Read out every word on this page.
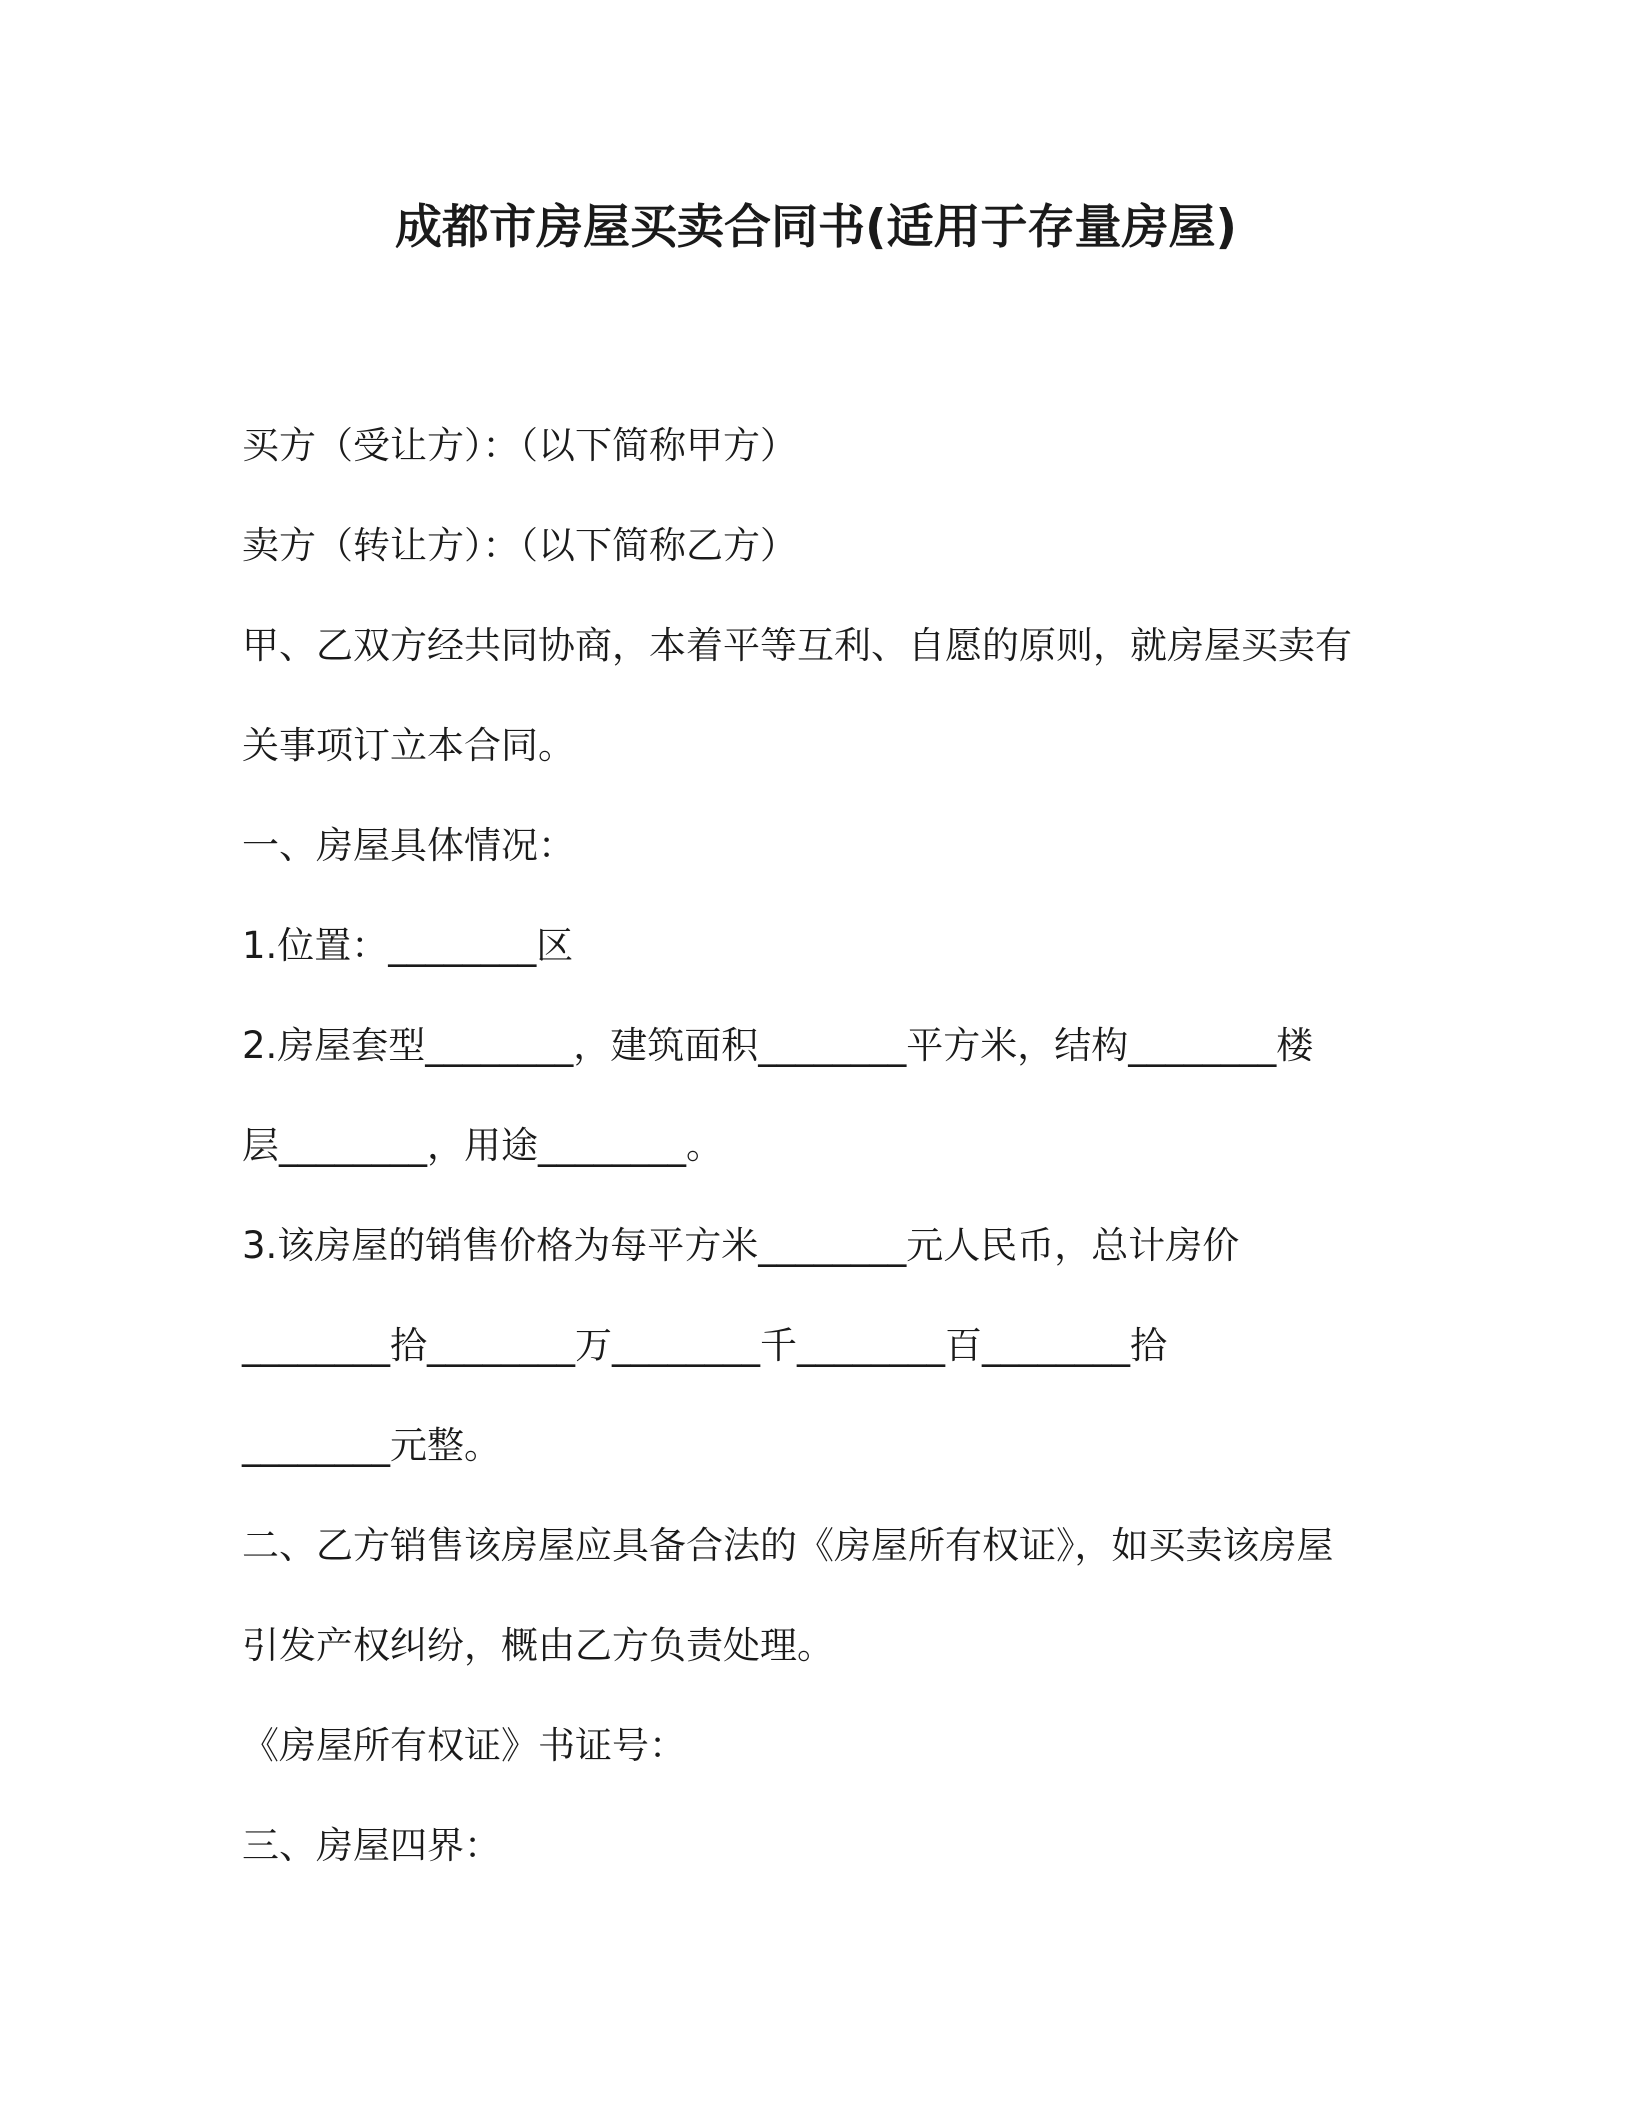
成都市房屋买卖合同书(适用于存量房屋)
买方（受让方）：（以下简称甲方）
卖方（转让方）：（以下简称乙方）
甲、乙双方经共同协商，本着平等互利、自愿的原则，就房屋买卖有
关事项订立本合同。
一、房屋具体情况：
1.位置：________区
2.房屋套型________，建筑面积________平方米，结构________楼
层________，用途________。
3.该房屋的销售价格为每平方米________元人民币，总计房价
________拾________万________千________百________拾
________元整。
二、乙方销售该房屋应具备合法的《房屋所有权证》，如买卖该房屋
引发产权纠纷，概由乙方负责处理。
《房屋所有权证》书证号：
三、房屋四界：
